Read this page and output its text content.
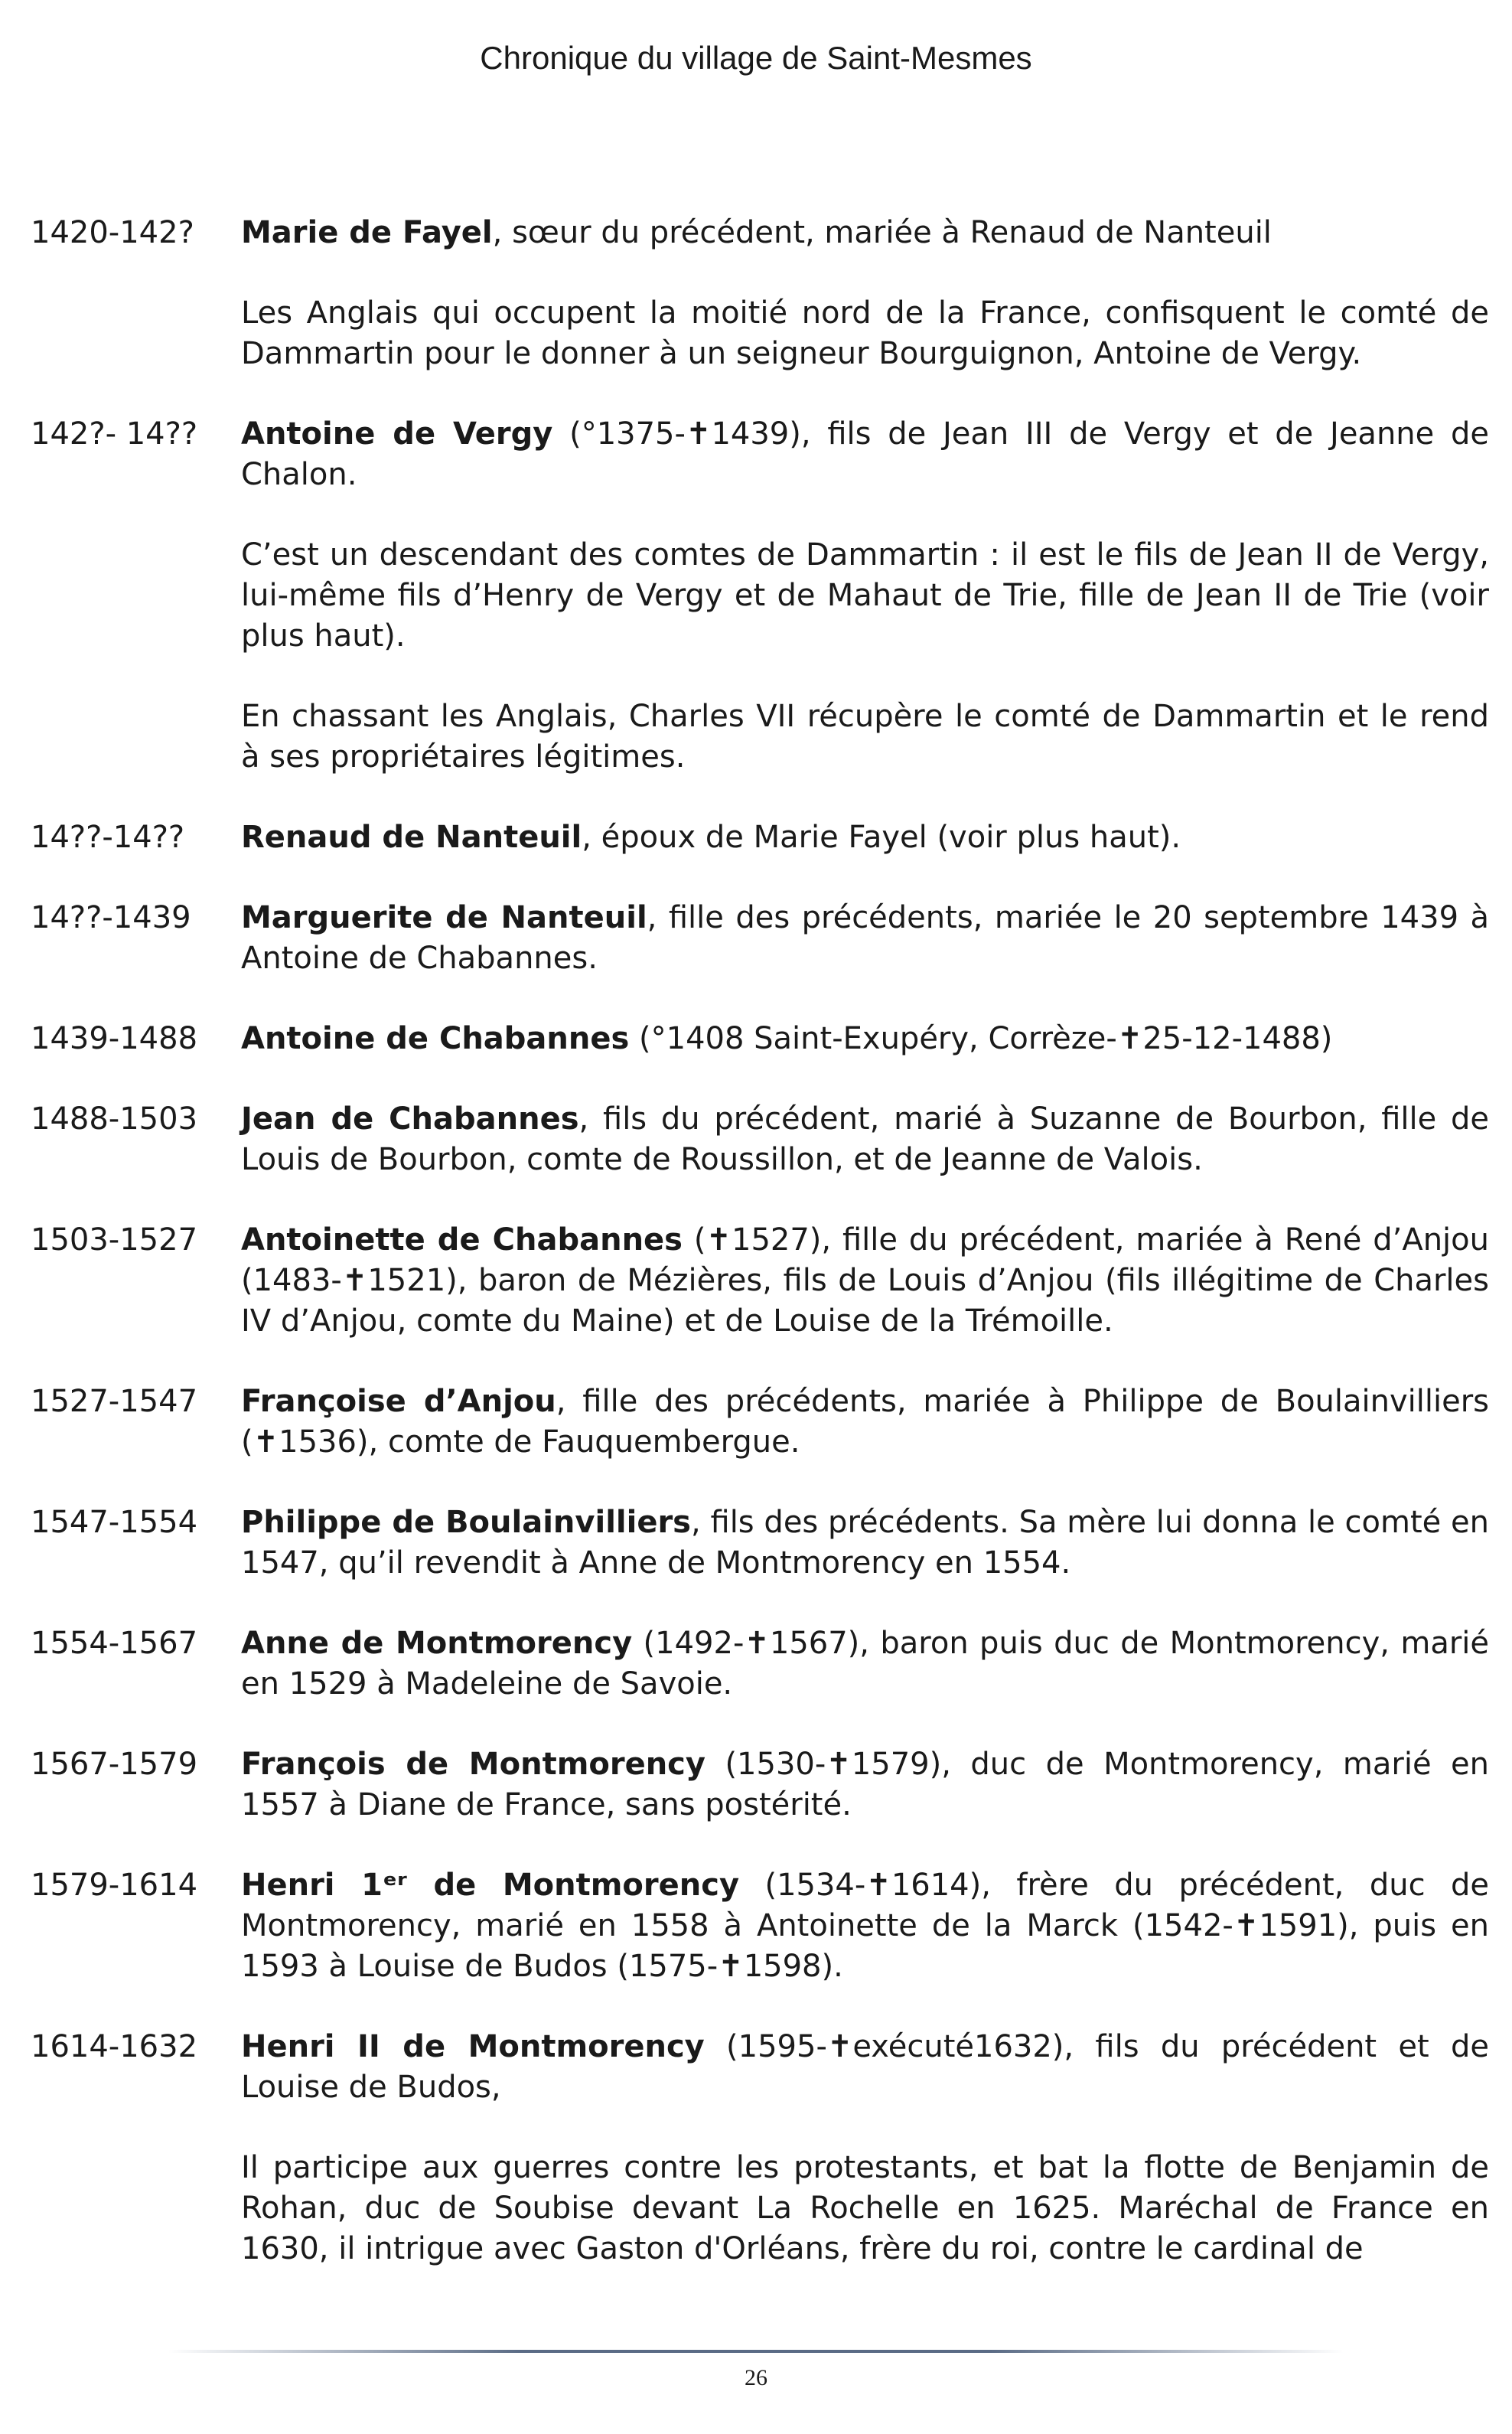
Chronique du village de Saint-Mesmes
1420-142?	Marie de Fayel, sœur du précédent, mariée à Renaud de Nanteuil

Les Anglais qui occupent la moitié nord de la France, confisquent le comté de Dammartin pour le donner à un seigneur Bourguignon, Antoine de Vergy.

142?- 14??	Antoine de Vergy (°1375-✝1439), fils de Jean III de Vergy et de Jeanne de Chalon.

C’est un descendant des comtes de Dammartin : il est le fils de Jean II de Vergy, lui-même fils d’Henry de Vergy et de Mahaut de Trie, fille de Jean II de Trie (voir plus haut).

En chassant les Anglais, Charles VII récupère le comté de Dammartin et le rend à ses propriétaires légitimes.

14??-14??	Renaud de Nanteuil, époux de Marie Fayel (voir plus haut).

14??-1439	Marguerite de Nanteuil, fille des précédents, mariée le 20 septembre 1439 à Antoine de Chabannes.

1439-1488	Antoine de Chabannes (°1408 Saint-Exupéry, Corrèze-✝25-12-1488)

1488-1503	Jean de Chabannes, fils du précédent, marié à Suzanne de Bourbon, fille de Louis de Bourbon, comte de Roussillon, et de Jeanne de Valois.

1503-1527	Antoinette de Chabannes (✝1527), fille du précédent, mariée à René d’Anjou (1483-✝1521), baron de Mézières, fils de Louis d’Anjou (fils illégitime de Charles IV d’Anjou, comte du Maine) et de Louise de la Trémoille.

1527-1547	Françoise d’Anjou, fille des précédents, mariée à Philippe de Boulainvilliers (✝1536), comte de Fauquembergue.

1547-1554	Philippe de Boulainvilliers, fils des précédents. Sa mère lui donna le comté en 1547, qu’il revendit à Anne de Montmorency en 1554.

1554-1567	Anne de Montmorency (1492-✝1567), baron puis duc de Montmorency, marié en 1529 à Madeleine de Savoie.

1567-1579	François de Montmorency (1530-✝1579), duc de Montmorency, marié en 1557 à Diane de France, sans postérité.

1579-1614	Henri 1ᵉʳ de Montmorency (1534-✝1614), frère du précédent, duc de Montmorency, marié en 1558 à Antoinette de la Marck (1542-✝1591), puis en 1593 à Louise de Budos (1575-✝1598).

1614-1632	Henri II de Montmorency (1595-✝exécuté1632), fils du précédent et de Louise de Budos,

Il participe aux guerres contre les protestants, et bat la flotte de Benjamin de Rohan, duc de Soubise devant La Rochelle en 1625. Maréchal de France en 1630, il intrigue avec Gaston d'Orléans, frère du roi, contre le cardinal de

26
